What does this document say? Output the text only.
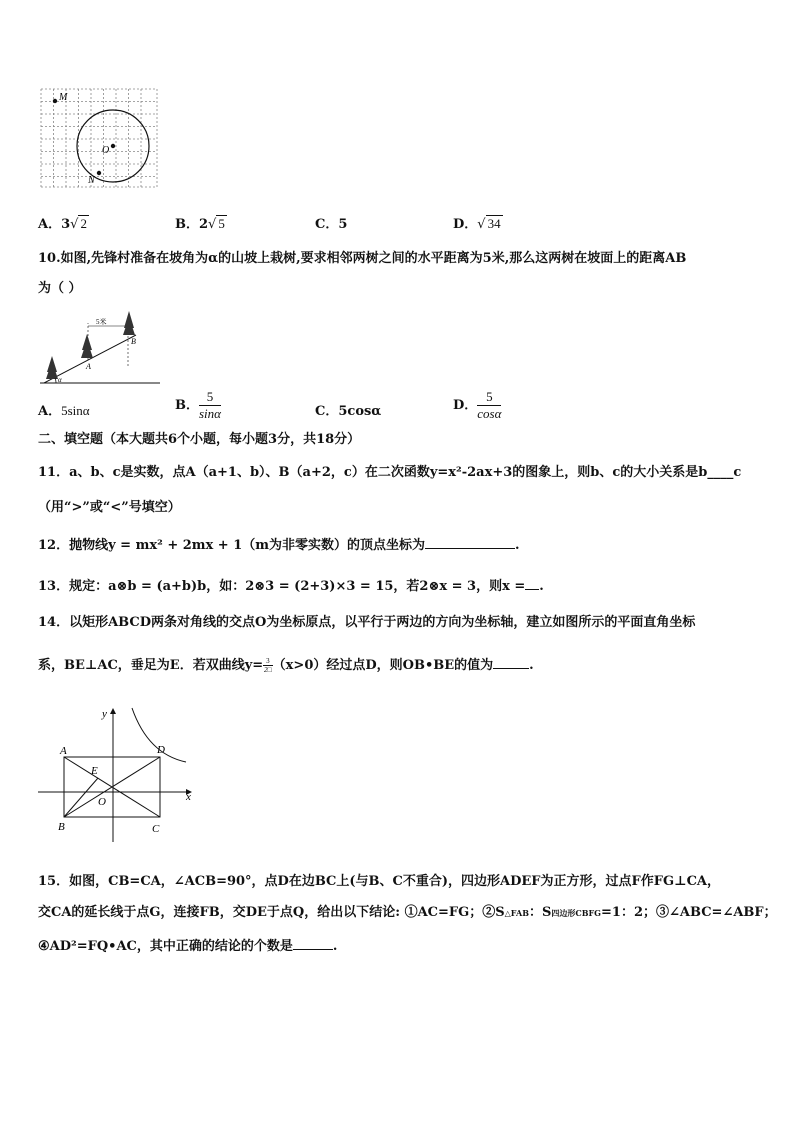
M
O
N
A．3√ 2	B．2√ 5	C．5	D．√ 34
10.如图,先锋村准备在坡角为α的山坡上栽树,要求相邻两树之间的水平距离为5米,那么这两树在坡面上的距离AB
为（ ）
5米
α
A
B
A．5sinα	B． $\frac{5}{\sin\alpha}$	C．5cosα	D． $\frac{5}{\cos\alpha}$
二、填空题（本大题共6个小题，每小题3分，共18分）
11．a、b、c是实数，点A（a+1、b）、B（a+2，c）在二次函数y=x²-2ax+3的图象上，则b、c的大小关系是b____c
（用“>”或“<”号填空）
12．抛物线y = mx² + 2mx + 1（m为非零实数）的顶点坐标为	.
13．规定：a⊗b = (a+b)b，如：2⊗3 = (2+3)×3 = 15，若2⊗x = 3，则x = .
14．以矩形ABCD两条对角线的交点O为坐标原点，以平行于两边的方向为坐标轴，建立如图所示的平面直角坐标
系，BE⊥AC，垂足为E．若双曲线$y= \frac{3}{2□} (x>0)$经过点D，则OB•BE的值为	.
x
y
A	D
E
O
B	C
15．如图，CB=CA，∠ACB=90°，点D在边BC上(与B、C不重合)，四边形ADEF为正方形，过点F作FG⊥CA，
交CA的延长线于点G，连接FB，交DE于点Q，给出以下结论: ①AC=FG；②S△FAB：S四边形CBFG=1：2；③∠ABC=∠ABF；
④AD²=FQ•AC，其中正确的结论的个数是	.
